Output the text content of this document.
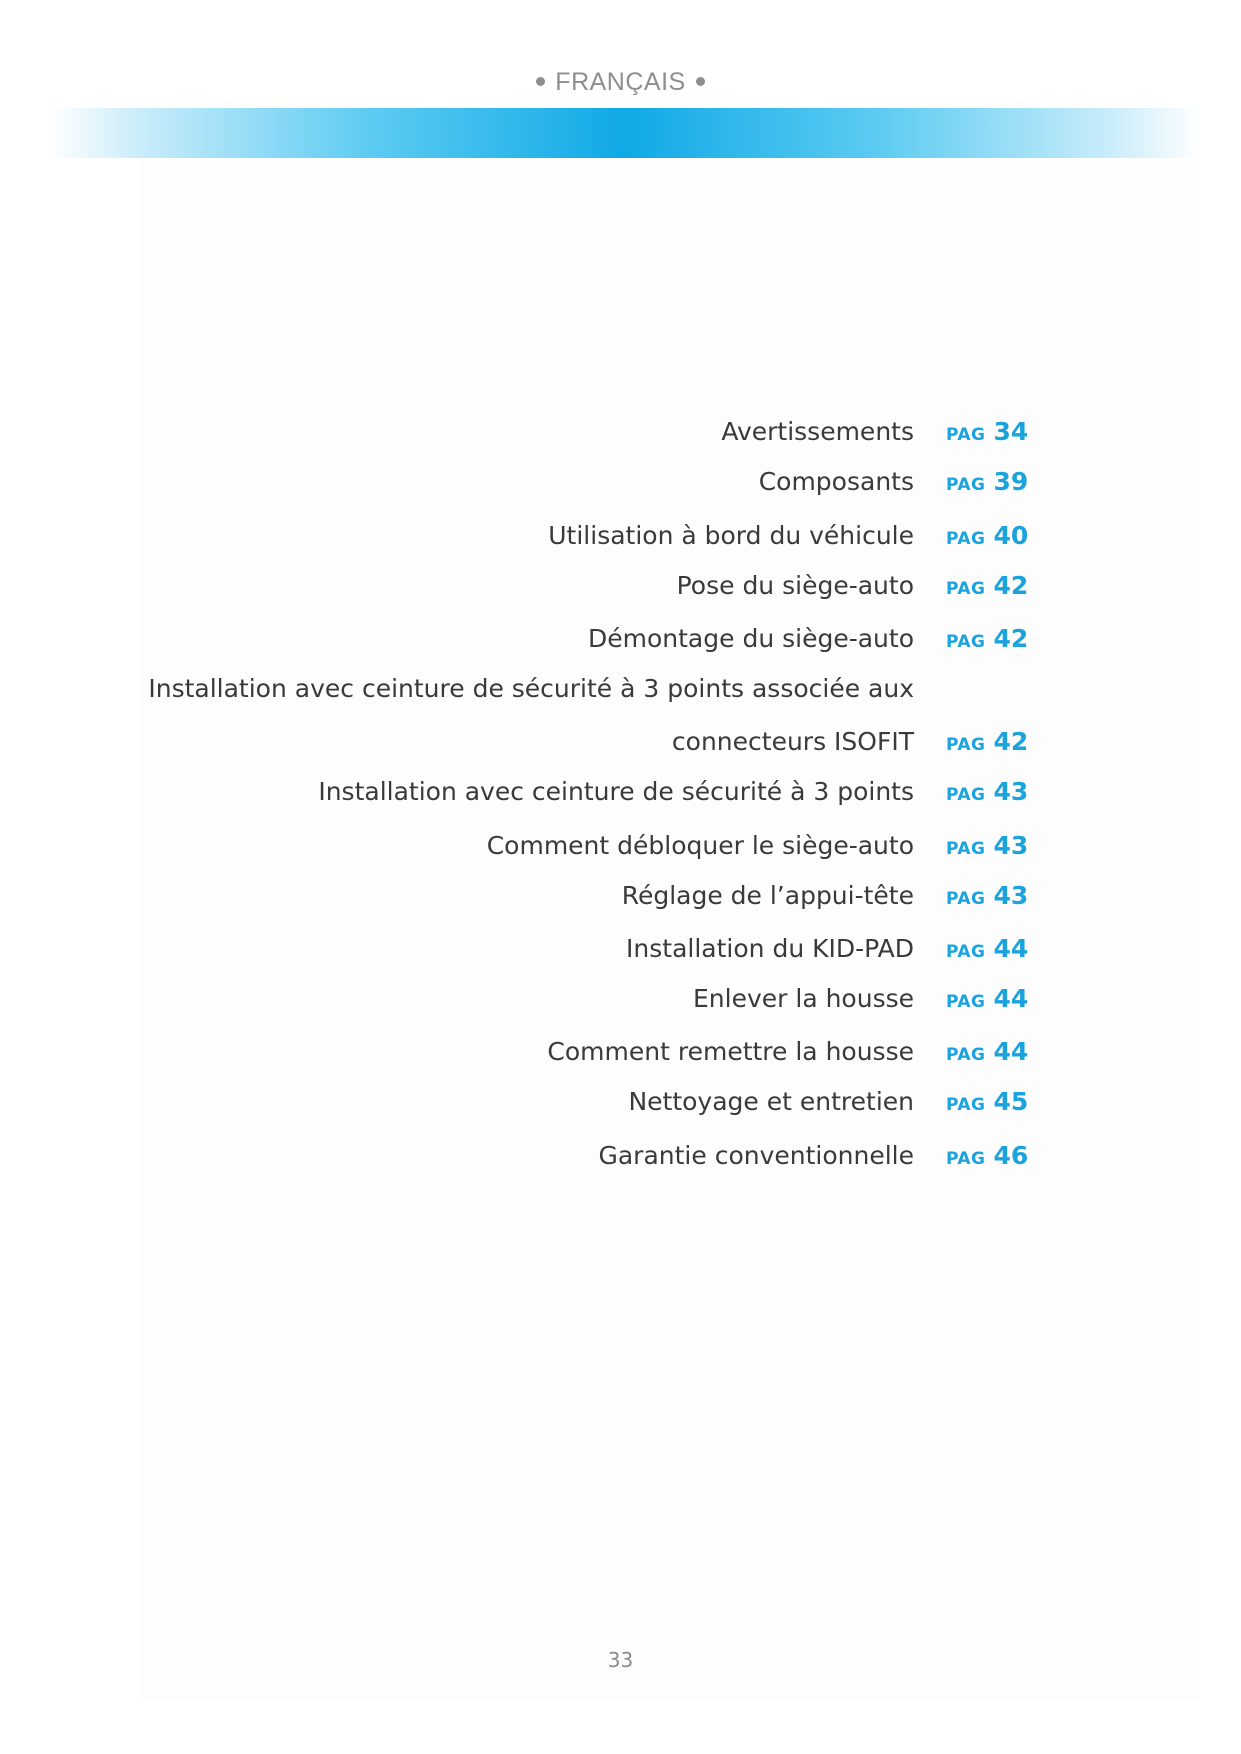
FRANÇAIS
Avertissements PAG 34
Composants PAG 39
Utilisation à bord du véhicule PAG 40
Pose du siège-auto PAG 42
Démontage du siège-auto PAG 42
Installation avec ceinture de sécurité à 3 points associée aux
connecteurs ISOFIT PAG 42
Installation avec ceinture de sécurité à 3 points PAG 43
Comment débloquer le siège-auto PAG 43
Réglage de l’appui-tête PAG 43
Installation du KID-PAD PAG 44
Enlever la housse PAG 44
Comment remettre la housse PAG 44
Nettoyage et entretien PAG 45
Garantie conventionnelle PAG 46
33
